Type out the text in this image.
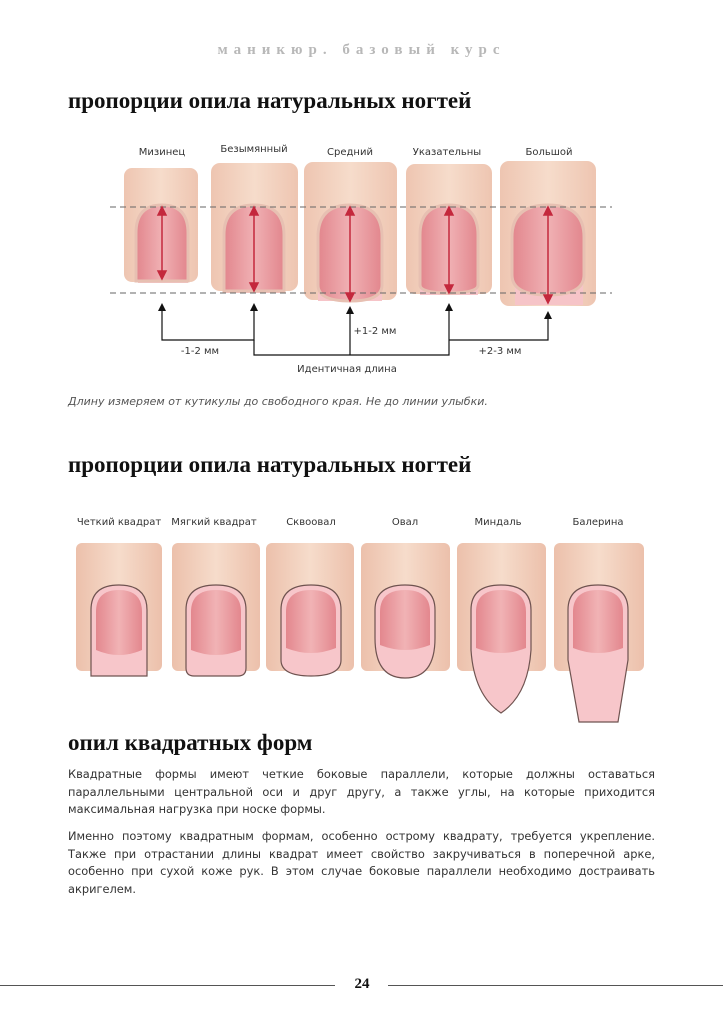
маникюр. базовый курс
пропорции опила натуральных ногтей
Мизинец	Безымянный	Средний	Указательны	Большой
-1-2 мм
+1-2 мм
+2-3 мм
Идентичная длина
Длину измеряем от кутикулы до свободного края. Не до линии улыбки.
пропорции опила натуральных ногтей
Четкий квадрат Мягкий квадрат	Сквоовал	Овал	Миндаль	Балерина
опил квадратных форм

Квадратные формы имеют четкие боковые параллели, которые должны оставаться параллельными центральной оси и друг другу, а также углы, на которые приходится максимальная нагрузка при носке формы.

Именно поэтому квадратным формам, особенно острому квадрату, требуется укрепление. Также при отрастании длины квадрат имеет свойство закручиваться в поперечной арке, особенно при сухой коже рук. В этом случае боковые параллели необходимо достраивать акригелем.

24
